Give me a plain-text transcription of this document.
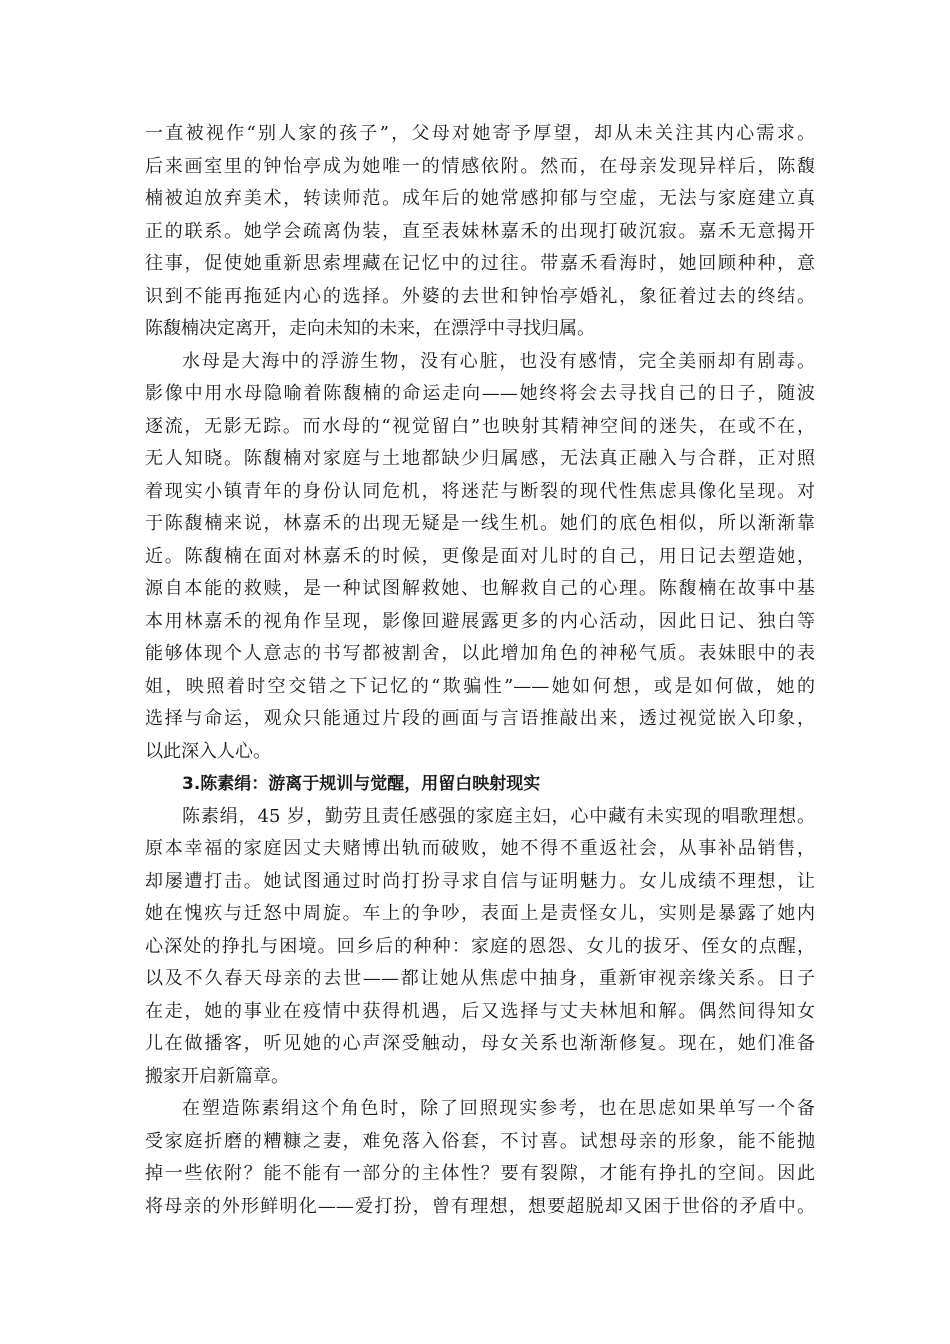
一直被视作“别人家的孩子”，父母对她寄予厚望，却从未关注其内心需求。
后来画室里的钟怡亭成为她唯一的情感依附。然而，在母亲发现异样后，陈馥
楠被迫放弃美术，转读师范。成年后的她常感抑郁与空虚，无法与家庭建立真
正的联系。她学会疏离伪装，直至表妹林嘉禾的出现打破沉寂。嘉禾无意揭开
往事，促使她重新思索埋藏在记忆中的过往。带嘉禾看海时，她回顾种种，意
识到不能再拖延内心的选择。外婆的去世和钟怡亭婚礼，象征着过去的终结。
陈馥楠决定离开，走向未知的未来，在漂浮中寻找归属。
水母是大海中的浮游生物，没有心脏，也没有感情，完全美丽却有剧毒。
影像中用水母隐喻着陈馥楠的命运走向——她终将会去寻找自己的日子，随波
逐流，无影无踪。而水母的“视觉留白”也映射其精神空间的迷失，在或不在，
无人知晓。陈馥楠对家庭与土地都缺少归属感，无法真正融入与合群，正对照
着现实小镇青年的身份认同危机，将迷茫与断裂的现代性焦虑具像化呈现。对
于陈馥楠来说，林嘉禾的出现无疑是一线生机。她们的底色相似，所以渐渐靠
近。陈馥楠在面对林嘉禾的时候，更像是面对儿时的自己，用日记去塑造她，
源自本能的救赎，是一种试图解救她、也解救自己的心理。陈馥楠在故事中基
本用林嘉禾的视角作呈现，影像回避展露更多的内心活动，因此日记、独白等
能够体现个人意志的书写都被割舍，以此增加角色的神秘气质。表妹眼中的表
姐，映照着时空交错之下记忆的“欺骗性”——她如何想，或是如何做，她的
选择与命运，观众只能通过片段的画面与言语推敲出来，透过视觉嵌入印象，
以此深入人心。
3.陈素绢：游离于规训与觉醒，用留白映射现实
陈素绢，45 岁，勤劳且责任感强的家庭主妇，心中藏有未实现的唱歌理想。
原本幸福的家庭因丈夫赌博出轨而破败，她不得不重返社会，从事补品销售，
却屡遭打击。她试图通过时尚打扮寻求自信与证明魅力。女儿成绩不理想，让
她在愧疚与迁怒中周旋。车上的争吵，表面上是责怪女儿，实则是暴露了她内
心深处的挣扎与困境。回乡后的种种：家庭的恩怨、女儿的拔牙、侄女的点醒，
以及不久春天母亲的去世——都让她从焦虑中抽身，重新审视亲缘关系。日子
在走，她的事业在疫情中获得机遇，后又选择与丈夫林旭和解。偶然间得知女
儿在做播客，听见她的心声深受触动，母女关系也渐渐修复。现在，她们准备
搬家开启新篇章。
在塑造陈素绢这个角色时，除了回照现实参考，也在思虑如果单写一个备
受家庭折磨的糟糠之妻，难免落入俗套，不讨喜。试想母亲的形象，能不能抛
掉一些依附？能不能有一部分的主体性？要有裂隙，才能有挣扎的空间。因此
将母亲的外形鲜明化——爱打扮，曾有理想，想要超脱却又困于世俗的矛盾中。
